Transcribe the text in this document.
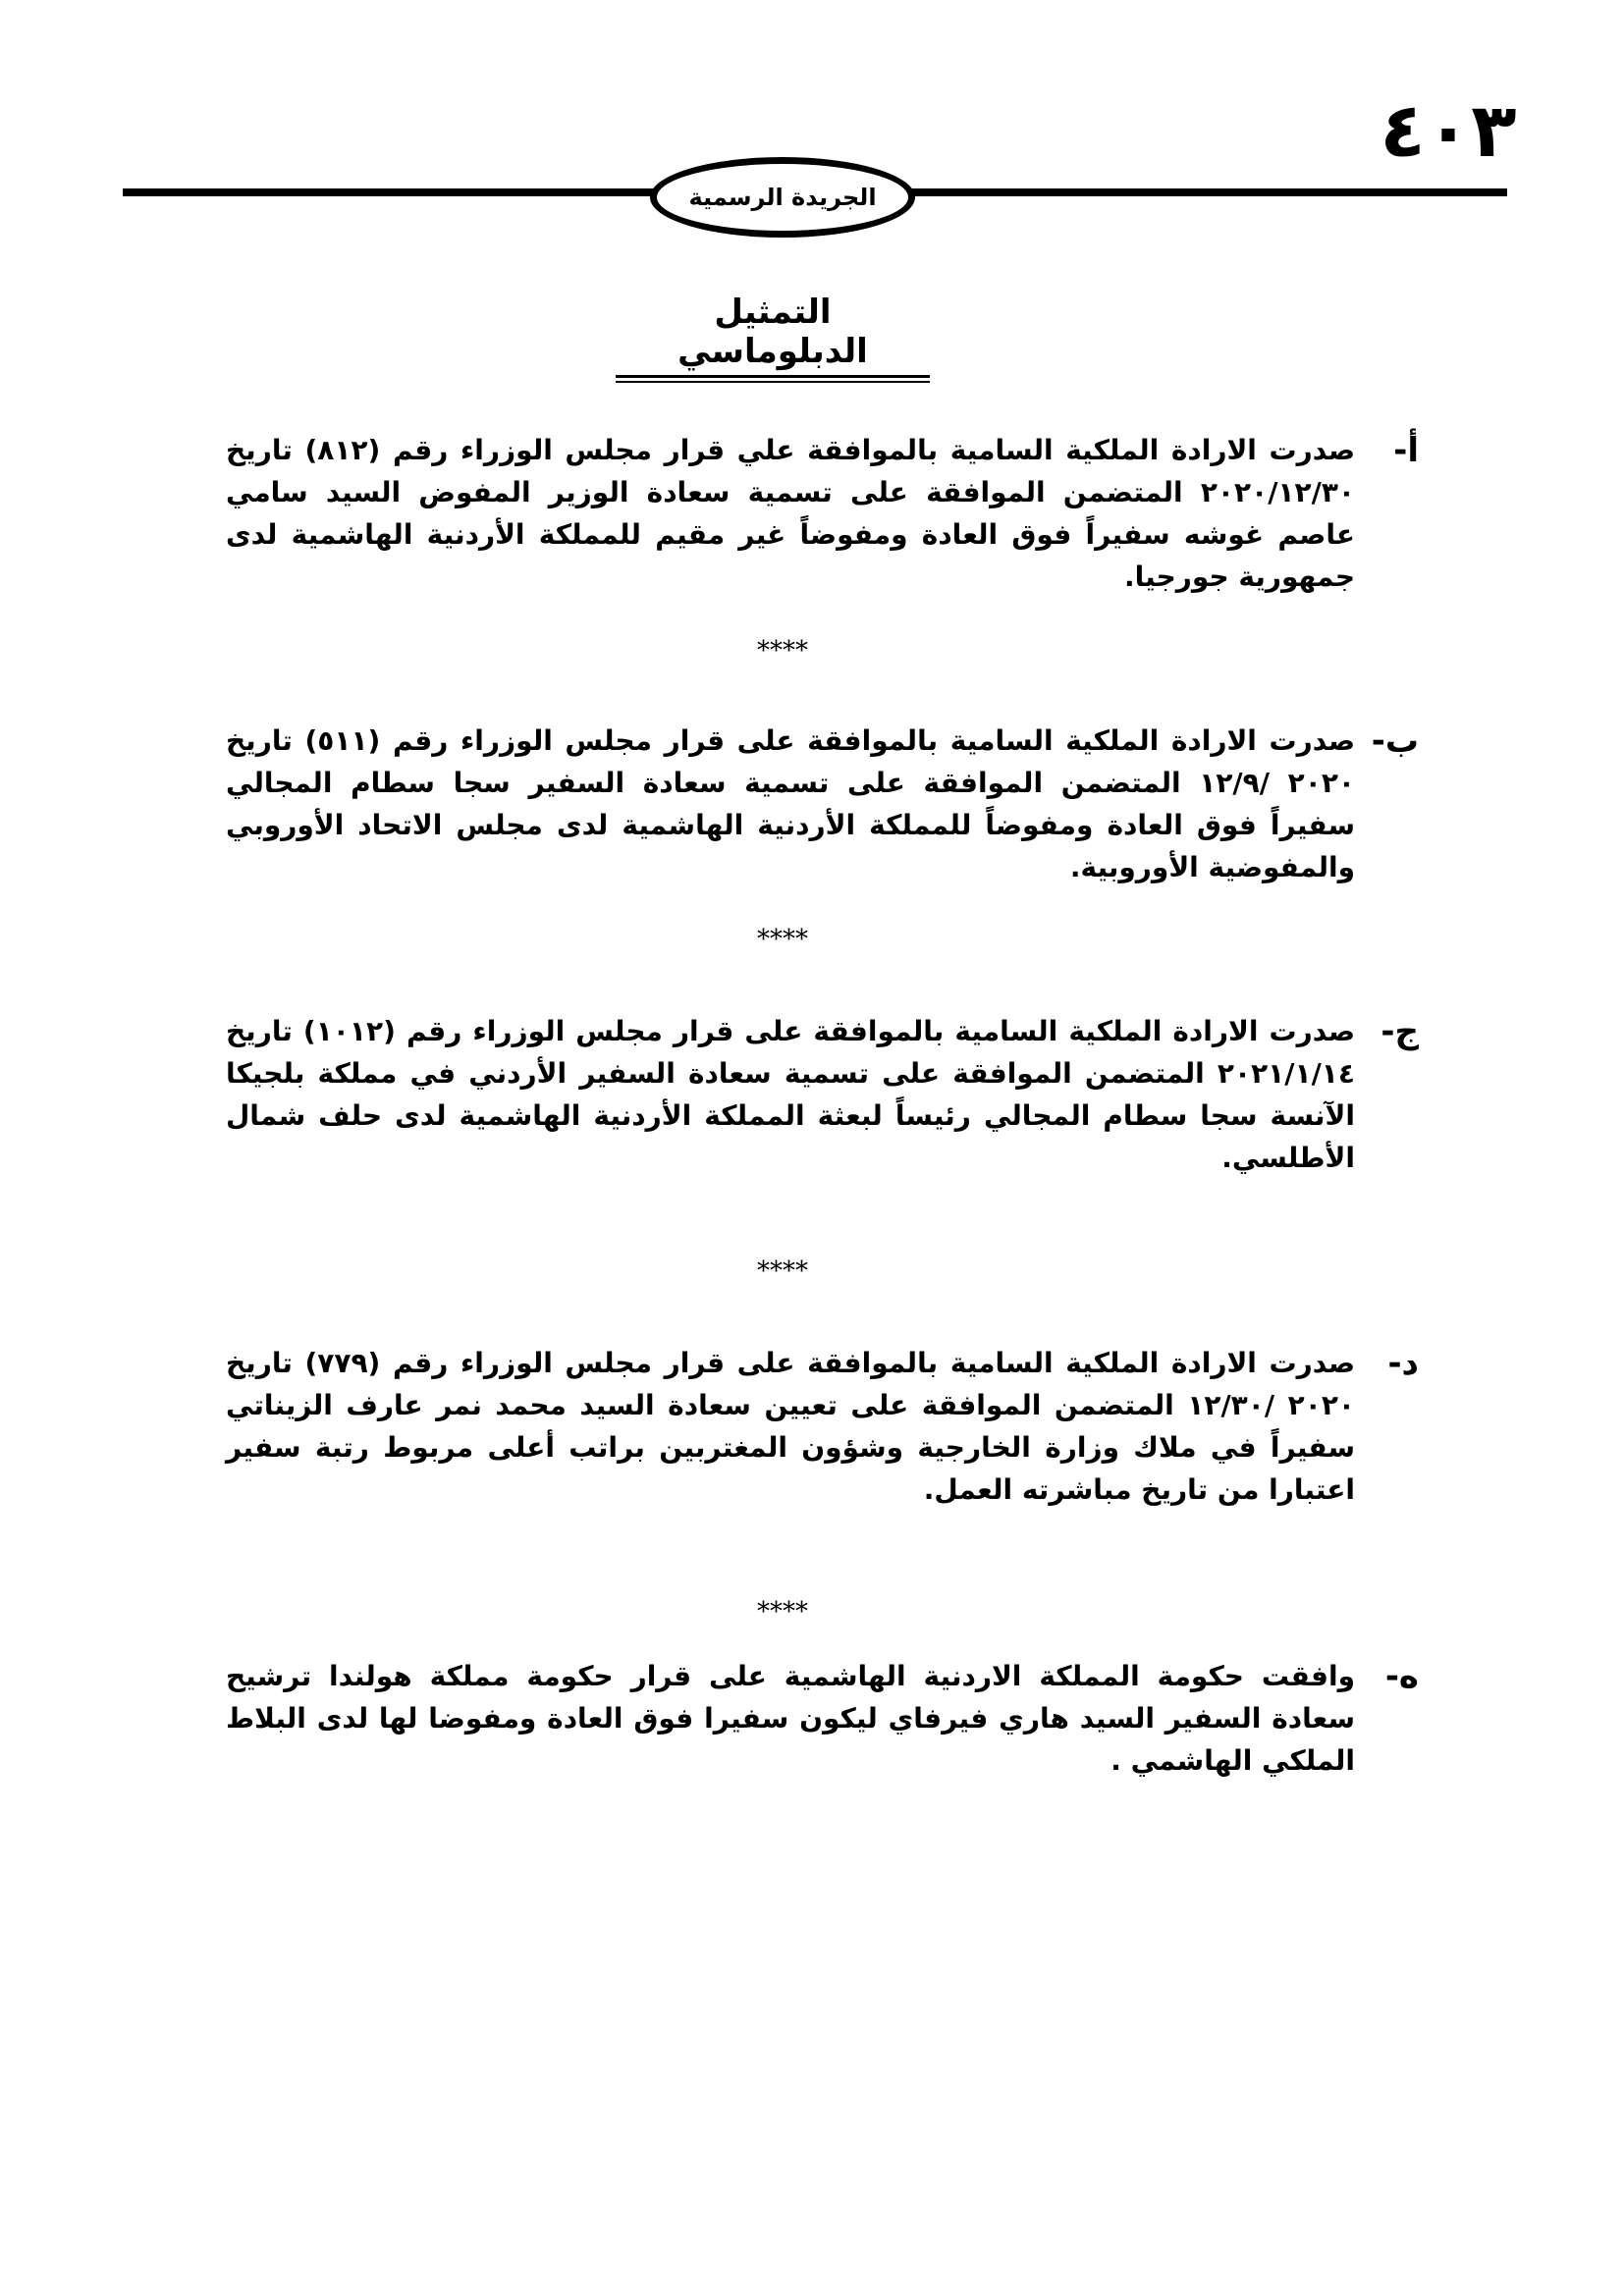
٤٠٣
الجريدة الرسمية
التمثيل الدبلوماسي
أ-
صدرت الارادة الملكية السامية بالموافقة علي قرار مجلس الوزراء رقم (٨١٢) تاريخ ٢٠٢٠/١٢/٣٠ المتضمن الموافقة على تسمية سعادة الوزير المفوض السيد سامي عاصم غوشه سفيراً فوق العادة ومفوضاً غير مقيم للمملكة الأردنية الهاشمية لدى جمهورية جورجيا.
****
ب-
صدرت الارادة الملكية السامية بالموافقة على قرار مجلس الوزراء رقم (٥١١) تاريخ ٢٠٢٠ /١٢/٩ المتضمن الموافقة على تسمية سعادة السفير سجا سطام المجالي سفيراً فوق العادة ومفوضاً للمملكة الأردنية الهاشمية لدى مجلس الاتحاد الأوروبي والمفوضية الأوروبية.
****
ج-
صدرت الارادة الملكية السامية بالموافقة على قرار مجلس الوزراء رقم (١٠١٢) تاريخ ٢٠٢١/١/١٤ المتضمن الموافقة على تسمية سعادة السفير الأردني في مملكة بلجيكا الآنسة سجا سطام المجالي رئيساً لبعثة المملكة الأردنية الهاشمية لدى حلف شمال الأطلسي.
****
د-
صدرت الارادة الملكية السامية بالموافقة على قرار مجلس الوزراء رقم (٧٧٩) تاريخ ٢٠٢٠ /١٢/٣٠ المتضمن الموافقة على تعيين سعادة السيد محمد نمر عارف الزيناتي سفيراً في ملاك وزارة الخارجية وشؤون المغتربين براتب أعلى مربوط رتبة سفير اعتبارا من تاريخ مباشرته العمل.
****
ه-
وافقت حكومة المملكة الاردنية الهاشمية على قرار حكومة مملكة هولندا ترشيح سعادة السفير السيد هاري فيرفاي ليكون سفيرا فوق العادة ومفوضا لها لدى البلاط الملكي الهاشمي .
